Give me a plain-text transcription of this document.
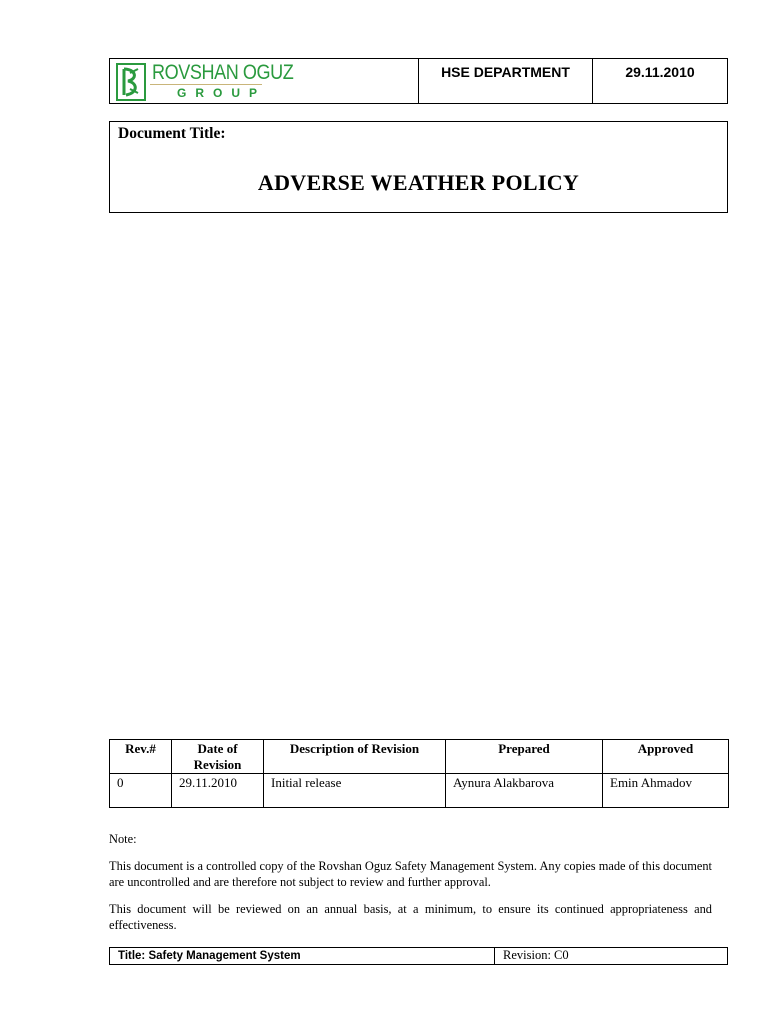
ROVSHAN OGUZ
GROUP
HSE DEPARTMENT	29.11.2010
Document Title:
ADVERSE WEATHER POLICY
Rev.#	Date of Revision	Description of Revision	Prepared	Approved
0	29.11.2010	Initial release	Aynura Alakbarova	Emin Ahmadov
Note:
This document is a controlled copy of the Rovshan Oguz Safety Management System. Any copies made of this document are uncontrolled and are therefore not subject to review and further approval.
This document will be reviewed on an annual basis, at a minimum, to ensure its continued appropriateness and effectiveness.
Title: Safety Management System	Revision: C0
